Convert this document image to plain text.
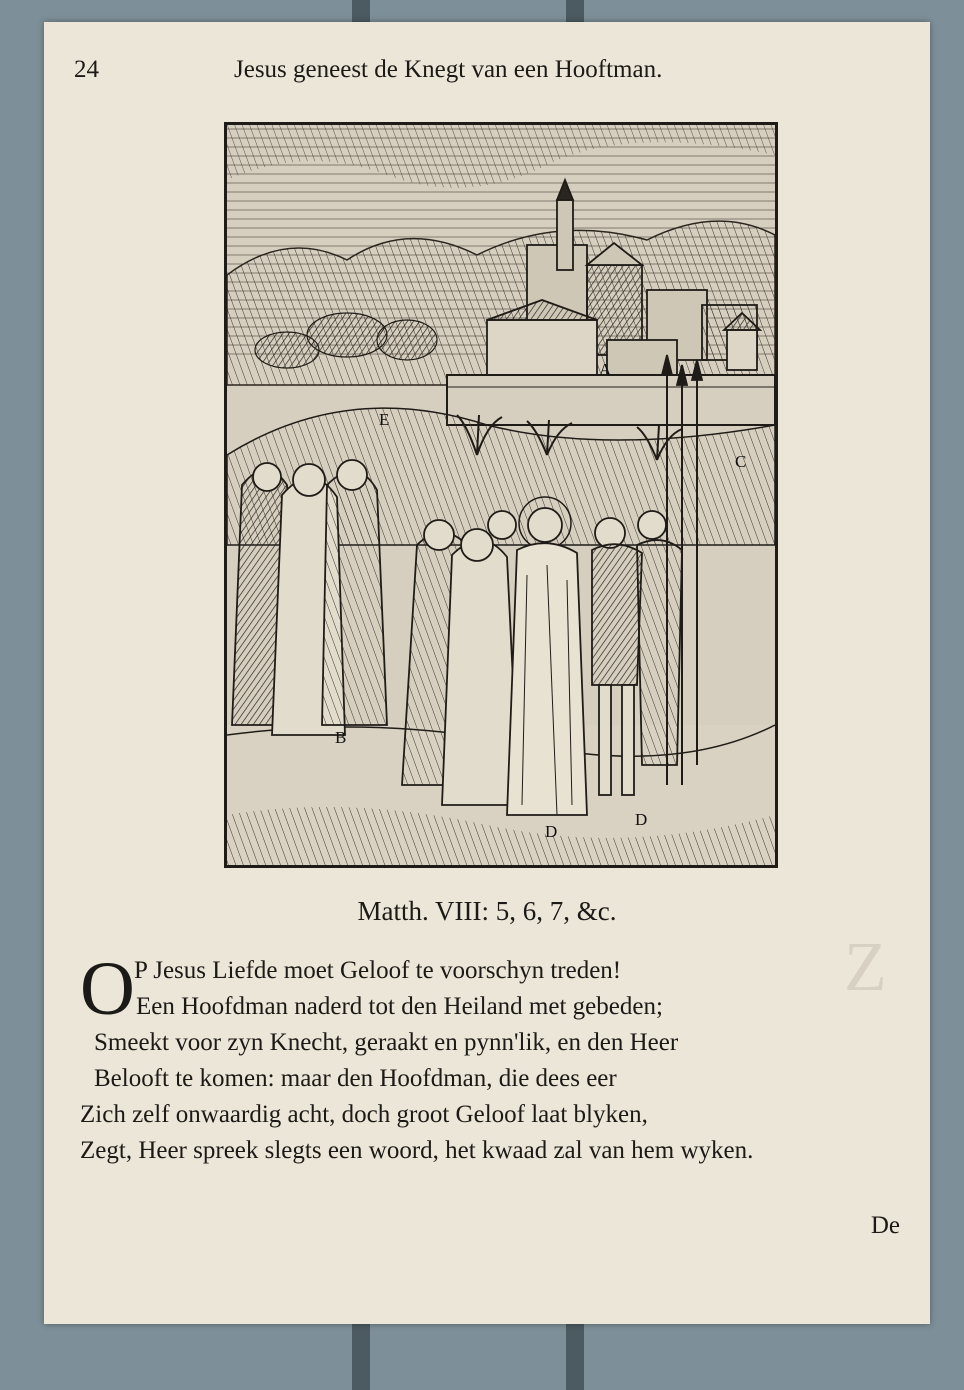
Z
24	Jesus geneest de Knegt van een Hooftman.
A
B
C
D
D
E
Matth. VIII: 5, 6, 7, &c.
O P Jesus Liefde moet Geloof te voorschyn treden!
Een Hoofdman naderd tot den Heiland met gebeden;
Smeekt voor zyn Knecht, geraakt en pynn'lik, en den Heer
Belooft te komen: maar den Hoofdman, die dees eer
Zich zelf onwaardig acht, doch groot Geloof laat blyken,
Zegt, Heer spreek slegts een woord, het kwaad zal van hem wyken.
De
